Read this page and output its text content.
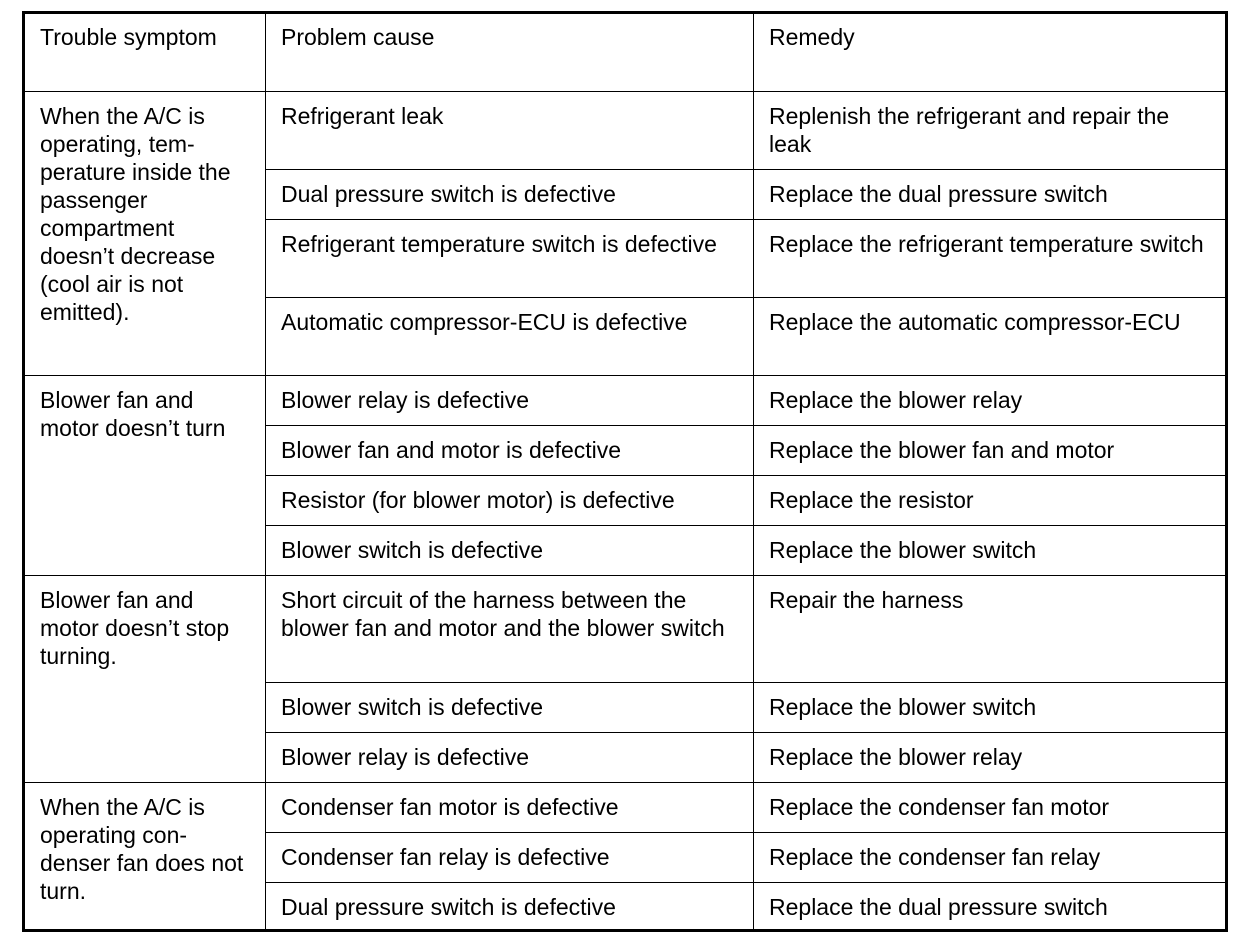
Trouble symptom	Problem cause	Remedy
When the A/C is operating, tem-perature inside the passenger compartment doesn’t decrease (cool air is not emitted).	Refrigerant leak	Replenish the refrigerant and repair the leak
	Dual pressure switch is defective	Replace the dual pressure switch
	Refrigerant temperature switch is defective	Replace the refrigerant temperature switch
	Automatic compressor-ECU is defective	Replace the automatic compressor-ECU
Blower fan and motor doesn’t turn	Blower relay is defective	Replace the blower relay
	Blower fan and motor is defective	Replace the blower fan and motor
	Resistor (for blower motor) is defective	Replace the resistor
	Blower switch is defective	Replace the blower switch
Blower fan and motor doesn’t stop turning.	Short circuit of the harness between the blower fan and motor and the blower switch	Repair the harness
	Blower switch is defective	Replace the blower switch
	Blower relay is defective	Replace the blower relay
When the A/C is operating con-denser fan does not turn.	Condenser fan motor is defective	Replace the condenser fan motor
	Condenser fan relay is defective	Replace the condenser fan relay
	Dual pressure switch is defective	Replace the dual pressure switch
